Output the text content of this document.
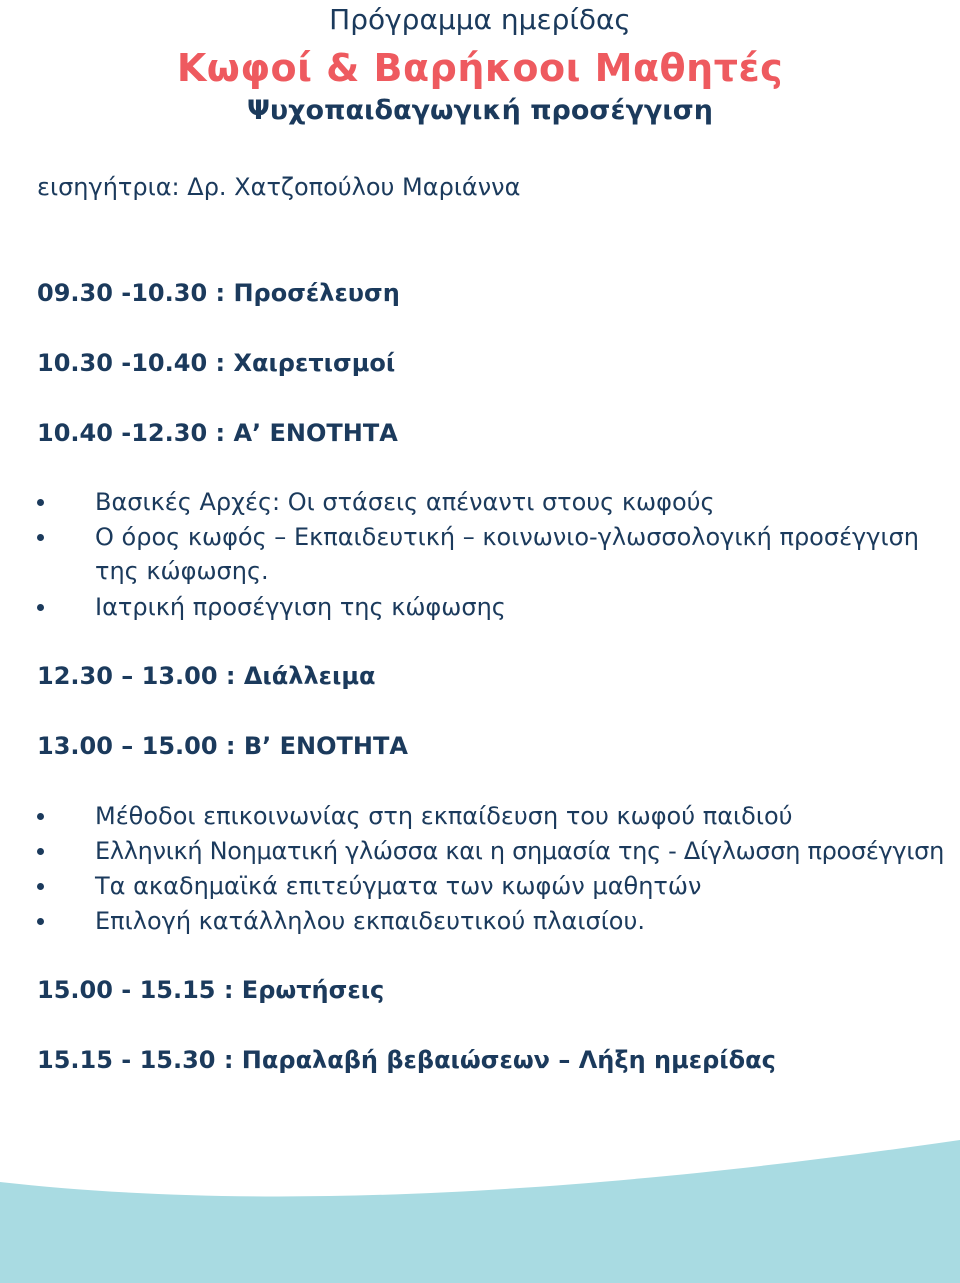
Πρόγραμμα ημερίδας
Κωφοί & Βαρήκοοι Μαθητές
Ψυχοπαιδαγωγική προσέγγιση
εισηγήτρια: Δρ. Χατζοπούλου Μαριάννα
09.30 -10.30 : Προσέλευση
10.30 -10.40 : Χαιρετισμοί
10.40 -12.30 : Α’ ΕΝΟΤΗΤΑ
Βασικές Αρχές: Οι στάσεις απέναντι στους κωφούς
Ο όρος κωφός – Εκπαιδευτική – κοινωνιο-γλωσσολογική προσέγγιση της κώφωσης.
Ιατρική προσέγγιση της κώφωσης
12.30 – 13.00 : Διάλλειμα
13.00 – 15.00 : Β’ ΕΝΟΤΗΤΑ
Μέθοδοι επικοινωνίας στη εκπαίδευση του κωφού παιδιού
Ελληνική Νοηματική γλώσσα και η σημασία της - Δίγλωσση προσέγγιση
Τα ακαδημαϊκά επιτεύγματα των κωφών μαθητών
Επιλογή κατάλληλου εκπαιδευτικού πλαισίου.
15.00 - 15.15 : Ερωτήσεις
15.15 - 15.30 : Παραλαβή βεβαιώσεων – Λήξη ημερίδας
